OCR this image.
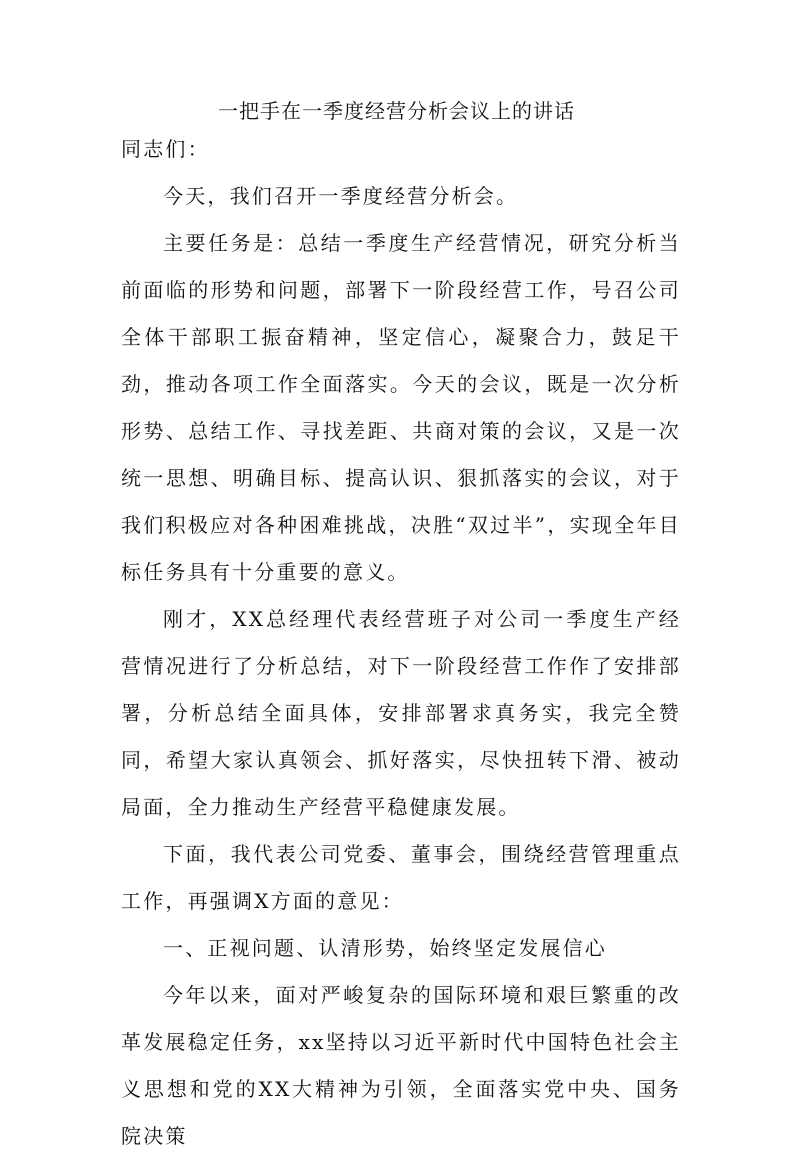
一把手在一季度经营分析会议上的讲话

同志们：

今天，我们召开一季度经营分析会。

主要任务是：总结一季度生产经营情况，研究分析当前面临的形势和问题，部署下一阶段经营工作，号召公司全体干部职工振奋精神，坚定信心，凝聚合力，鼓足干劲，推动各项工作全面落实。今天的会议，既是一次分析形势、总结工作、寻找差距、共商对策的会议，又是一次统一思想、明确目标、提高认识、狠抓落实的会议，对于我们积极应对各种困难挑战，决胜“双过半”，实现全年目标任务具有十分重要的意义。

刚才，XX总经理代表经营班子对公司一季度生产经营情况进行了分析总结，对下一阶段经营工作作了安排部署，分析总结全面具体，安排部署求真务实，我完全赞同，希望大家认真领会、抓好落实，尽快扭转下滑、被动局面，全力推动生产经营平稳健康发展。

下面，我代表公司党委、董事会，围绕经营管理重点工作，再强调X方面的意见：

一、正视问题、认清形势，始终坚定发展信心

今年以来，面对严峻复杂的国际环境和艰巨繁重的改革发展稳定任务，xx坚持以习近平新时代中国特色社会主义思想和党的XX大精神为引领，全面落实党中央、国务院决策
